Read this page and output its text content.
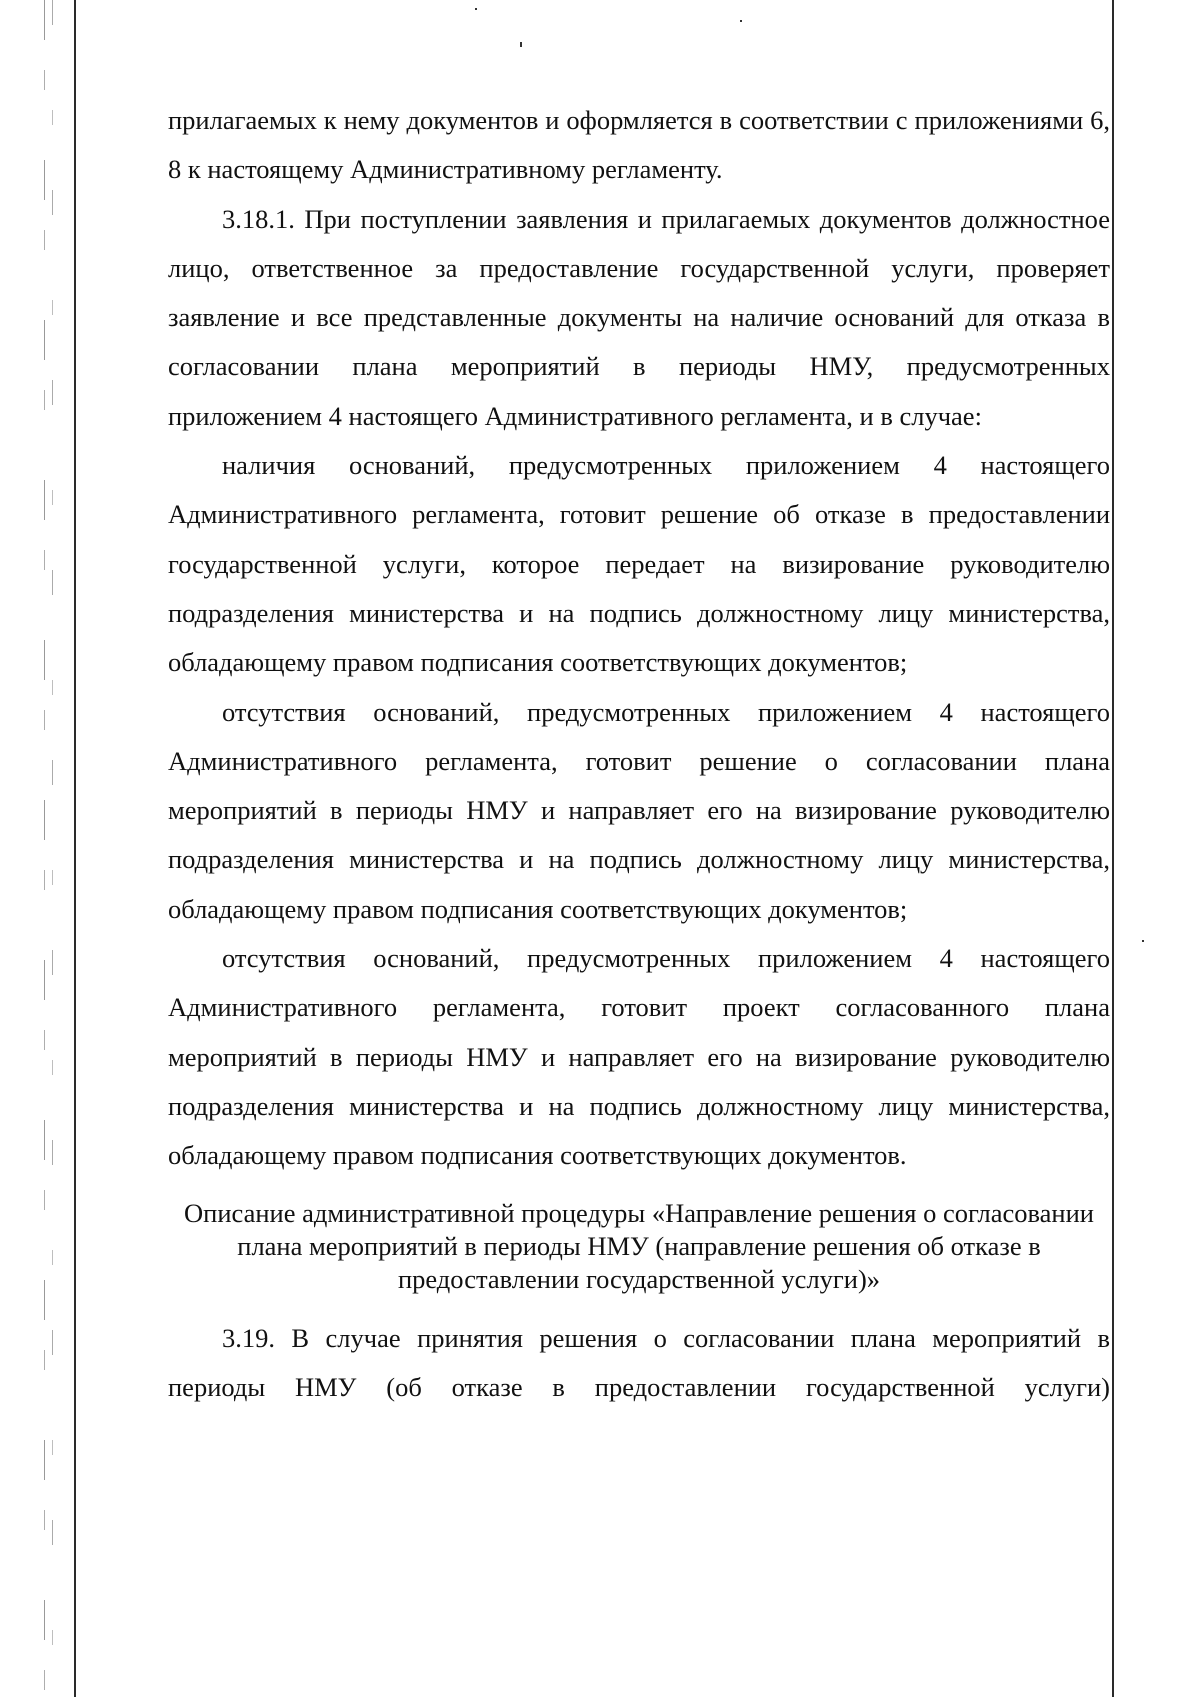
прилагаемых к нему документов и оформляется в соответствии с приложениями 6, 8 к настоящему Административному регламенту.

3.18.1. При поступлении заявления и прилагаемых документов должностное лицо, ответственное за предоставление государственной услуги, проверяет заявление и все представленные документы на наличие оснований для отказа в согласовании плана мероприятий в периоды НМУ, предусмотренных приложением 4 настоящего Административного регламента, и в случае:

наличия оснований, предусмотренных приложением 4 настоящего Административного регламента, готовит решение об отказе в предоставлении государственной услуги, которое передает на визирование руководителю подразделения министерства и на подпись должностному лицу министерства, обладающему правом подписания соответствующих документов;

отсутствия оснований, предусмотренных приложением 4 настоящего Административного регламента, готовит решение о согласовании плана мероприятий в периоды НМУ и направляет его на визирование руководителю подразделения министерства и на подпись должностному лицу министерства, обладающему правом подписания соответствующих документов;

отсутствия оснований, предусмотренных приложением 4 настоящего Административного регламента, готовит проект согласованного плана мероприятий в периоды НМУ и направляет его на визирование руководителю подразделения министерства и на подпись должностному лицу министерства, обладающему правом подписания соответствующих документов.

Описание административной процедуры «Направление решения о согласовании плана мероприятий в периоды НМУ (направление решения об отказе в предоставлении государственной услуги)»

3.19. В случае принятия решения о согласовании плана мероприятий в периоды НМУ (об отказе в предоставлении государственной услуги)
